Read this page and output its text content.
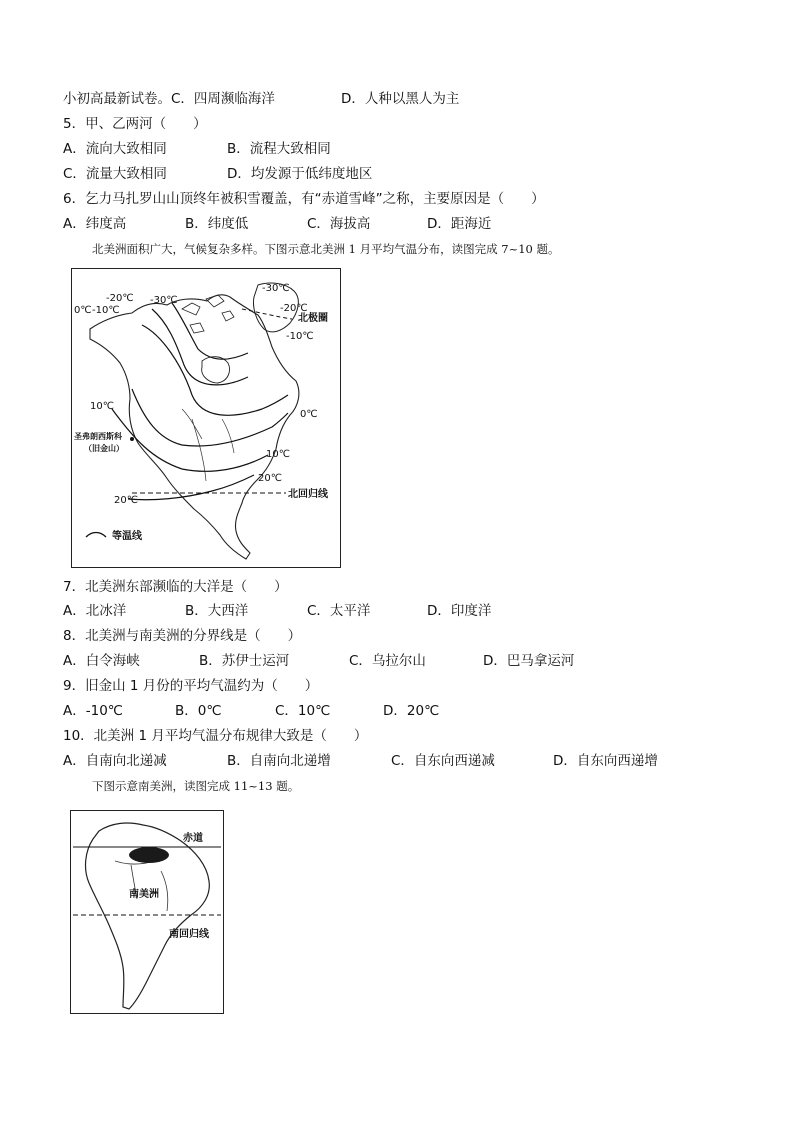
小初高最新试卷。C．四周濒临海洋	D．人种以黑人为主
5．甲、乙两河（　　）
A．流向大致相同	B．流程大致相同
C．流量大致相同	D．均发源于低纬度地区
6．乞力马扎罗山山顶终年被积雪覆盖，有“赤道雪峰”之称，主要原因是（　　）
A．纬度高	B．纬度低	C．海拔高	D．距海近
北美洲面积广大，气候复杂多样。下图示意北美洲 1 月平均气温分布，读图完成 7~10 题。
-20℃ -30℃
0℃ -10℃
-30℃
-20℃
北极圈
-10℃
10℃
0℃
圣弗朗西斯科
（旧金山）
10℃
20℃
20℃
北回归线
等温线
7．北美洲东部濒临的大洋是（　　）
A．北冰洋	B．大西洋	C．太平洋	D．印度洋
8．北美洲与南美洲的分界线是（　　）
A．白令海峡	B．苏伊士运河	C．乌拉尔山	D．巴马拿运河
9．旧金山 1 月份的平均气温约为（　　）
A．-10℃	B．0℃	C．10℃	D．20℃
10．北美洲 1 月平均气温分布规律大致是（　　）
A．自南向北递减	B．自南向北递增	C．自东向西递减	D．自东向西递增
下图示意南美洲，读图完成 11~13 题。
赤道
南美洲
南回归线
